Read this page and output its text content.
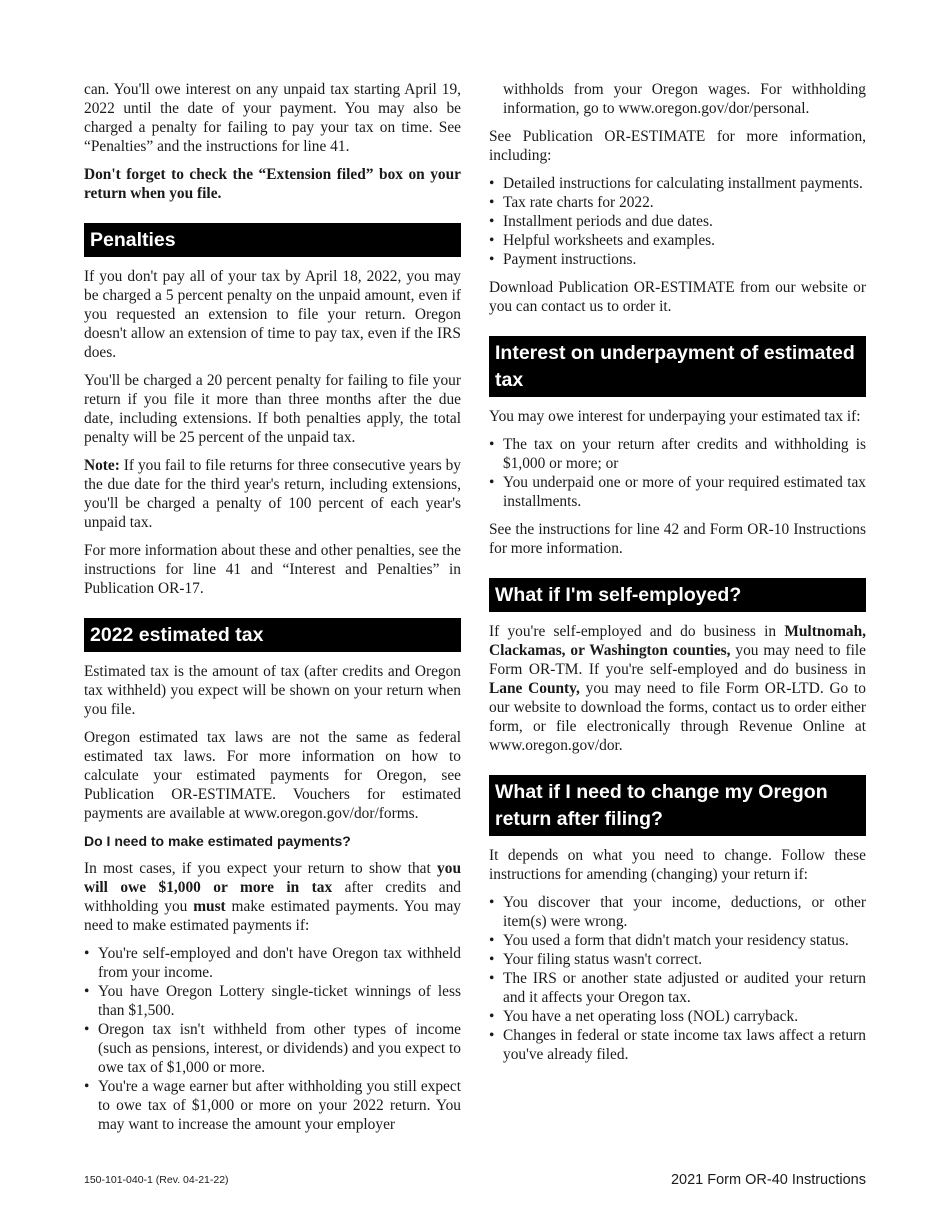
can. You'll owe interest on any unpaid tax starting April 19, 2022 until the date of your payment. You may also be charged a penalty for failing to pay your tax on time. See “Penalties” and the instructions for line 41.

Don't forget to check the “Extension filed” box on your return when you file.

Penalties

If you don't pay all of your tax by April 18, 2022, you may be charged a 5 percent penalty on the unpaid amount, even if you requested an extension to file your return. Oregon doesn't allow an extension of time to pay tax, even if the IRS does.

You'll be charged a 20 percent penalty for failing to file your return if you file it more than three months after the due date, including extensions. If both penalties apply, the total penalty will be 25 percent of the unpaid tax.

Note: If you fail to file returns for three consecutive years by the due date for the third year's return, including extensions, you'll be charged a penalty of 100 percent of each year's unpaid tax.

For more information about these and other penalties, see the instructions for line 41 and “Interest and Penalties” in Publication OR-17.

2022 estimated tax

Estimated tax is the amount of tax (after credits and Oregon tax withheld) you expect will be shown on your return when you file.

Oregon estimated tax laws are not the same as federal estimated tax laws. For more information on how to calculate your estimated payments for Oregon, see Publication OR-ESTIMATE. Vouchers for estimated payments are available at www.oregon.gov/dor/forms.

Do I need to make estimated payments?

In most cases, if you expect your return to show that you will owe $1,000 or more in tax after credits and withholding you must make estimated payments. You may need to make estimated payments if:

• You're self-employed and don't have Oregon tax withheld from your income.
• You have Oregon Lottery single-ticket winnings of less than $1,500.
• Oregon tax isn't withheld from other types of income (such as pensions, interest, or dividends) and you expect to owe tax of $1,000 or more.
• You're a wage earner but after withholding you still expect to owe tax of $1,000 or more on your 2022 return. You may want to increase the amount your employer

withholds from your Oregon wages. For withholding information, go to www.oregon.gov/dor/personal.

See Publication OR-ESTIMATE for more information, including:

• Detailed instructions for calculating installment payments.
• Tax rate charts for 2022.
• Installment periods and due dates.
• Helpful worksheets and examples.
• Payment instructions.

Download Publication OR-ESTIMATE from our website or you can contact us to order it.

Interest on underpayment of estimated tax

You may owe interest for underpaying your estimated tax if:

• The tax on your return after credits and withholding is $1,000 or more; or
• You underpaid one or more of your required estimated tax installments.

See the instructions for line 42 and Form OR-10 Instructions for more information.

What if I'm self-employed?

If you're self-employed and do business in Multnomah, Clackamas, or Washington counties, you may need to file Form OR-TM. If you're self-employed and do business in Lane County, you may need to file Form OR-LTD. Go to our website to download the forms, contact us to order either form, or file electronically through Revenue Online at www.oregon.gov/dor.

What if I need to change my Oregon return after filing?

It depends on what you need to change. Follow these instructions for amending (changing) your return if:

• You discover that your income, deductions, or other item(s) were wrong.
• You used a form that didn't match your residency status.
• Your filing status wasn't correct.
• The IRS or another state adjusted or audited your return and it affects your Oregon tax.
• You have a net operating loss (NOL) carryback.
• Changes in federal or state income tax laws affect a return you've already filed.
150-101-040-1 (Rev. 04-21-22)	2021 Form OR-40 Instructions
